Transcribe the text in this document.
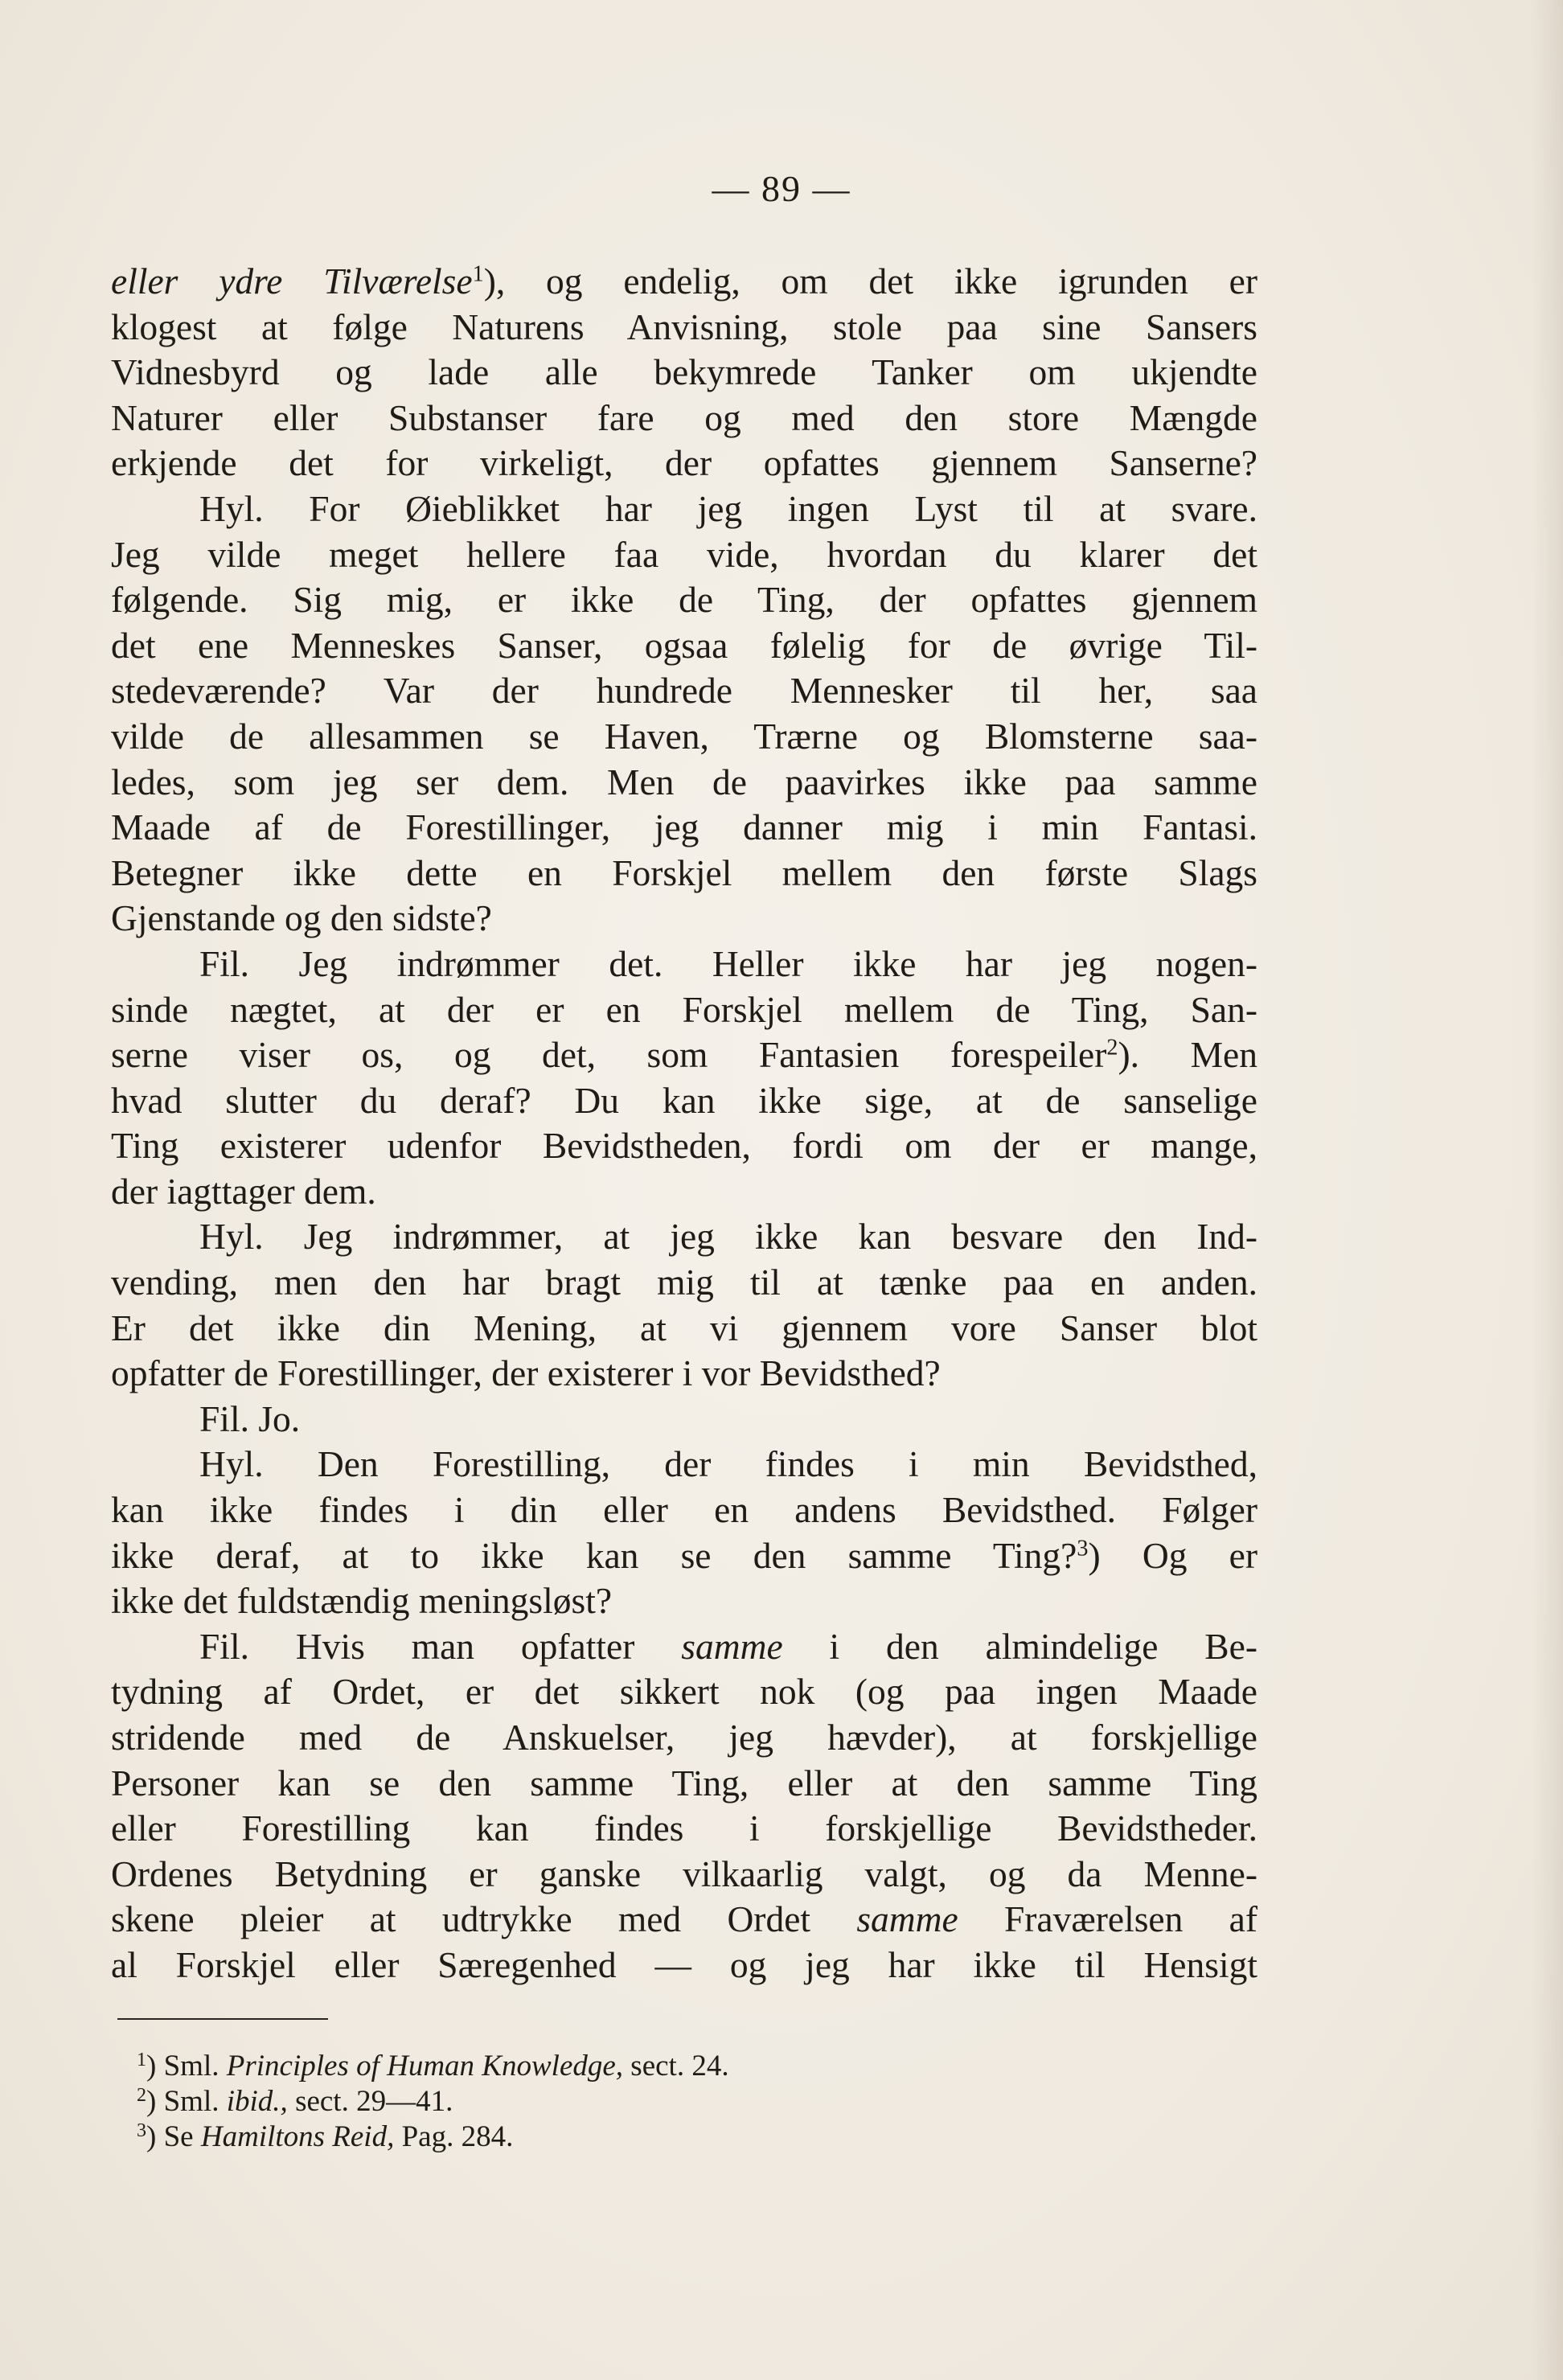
— 89 —
eller ydre Tilværelse$^1$), og endelig, om det ikke igrunden er
klogest at følge Naturens Anvisning, stole paa sine Sansers
Vidnesbyrd og lade alle bekymrede Tanker om ukjendte
Naturer eller Substanser fare og med den store Mængde
erkjende det for virkeligt, der opfattes gjennem Sanserne?
Hyl. For Øieblikket har jeg ingen Lyst til at svare.
Jeg vilde meget hellere faa vide, hvordan du klarer det
følgende. Sig mig, er ikke de Ting, der opfattes gjennem
det ene Menneskes Sanser, ogsaa følelig for de øvrige Til-
stedeværende? Var der hundrede Mennesker til her, saa
vilde de allesammen se Haven, Trærne og Blomsterne saa-
ledes, som jeg ser dem. Men de paavirkes ikke paa samme
Maade af de Forestillinger, jeg danner mig i min Fantasi.
Betegner ikke dette en Forskjel mellem den første Slags
Gjenstande og den sidste?
Fil. Jeg indrømmer det. Heller ikke har jeg nogen-
sinde nægtet, at der er en Forskjel mellem de Ting, San-
serne viser os, og det, som Fantasien forespeiler$^2$). Men
hvad slutter du deraf? Du kan ikke sige, at de sanselige
Ting existerer udenfor Bevidstheden, fordi om der er mange,
der iagttager dem.
Hyl. Jeg indrømmer, at jeg ikke kan besvare den Ind-
vending, men den har bragt mig til at tænke paa en anden.
Er det ikke din Mening, at vi gjennem vore Sanser blot
opfatter de Forestillinger, der existerer i vor Bevidsthed?
Fil. Jo.
Hyl. Den Forestilling, der findes i min Bevidsthed,
kan ikke findes i din eller en andens Bevidsthed. Følger
ikke deraf, at to ikke kan se den samme Ting?$^3$) Og er
ikke det fuldstændig meningsløst?
Fil. Hvis man opfatter samme i den almindelige Be-
tydning af Ordet, er det sikkert nok (og paa ingen Maade
stridende med de Anskuelser, jeg hævder), at forskjellige
Personer kan se den samme Ting, eller at den samme Ting
eller Forestilling kan findes i forskjellige Bevidstheder.
Ordenes Betydning er ganske vilkaarlig valgt, og da Menne-
skene pleier at udtrykke med Ordet samme Fraværelsen af
al Forskjel eller Særegenhed — og jeg har ikke til Hensigt
$^1$) Sml. Principles of Human Knowledge, sect. 24.
$^2$) Sml. ibid., sect. 29—41.
$^3$) Se Hamiltons Reid, Pag. 284.
